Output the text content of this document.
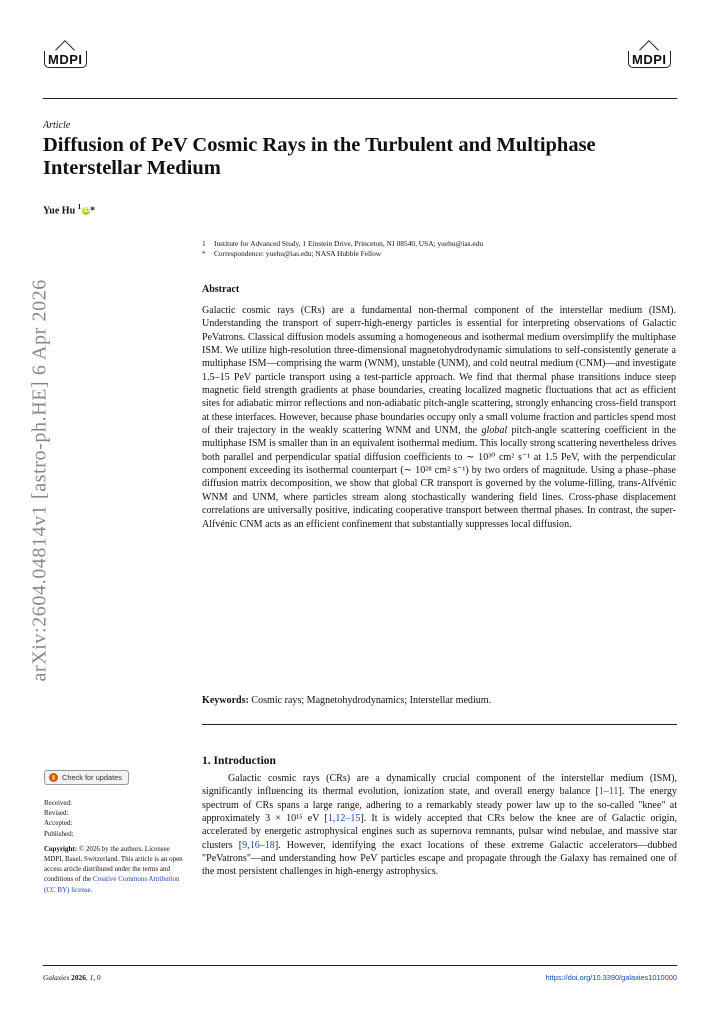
MDPI	MDPI
Article
Diffusion of PeV Cosmic Rays in the Turbulent and Multiphase Interstellar Medium
Yue Hu $^1$iD*
1 Institute for Advanced Study, 1 Einstein Drive, Princeton, NJ 08540, USA; yuehu@ias.edu
* Correspondence: yuehu@ias.edu; NASA Hubble Fellow
Abstract

Galactic cosmic rays (CRs) are a fundamental non-thermal component of the interstellar medium (ISM). Understanding the transport of superr-high-energy particles is essential for interpreting observations of Galactic PeVatrons. Classical diffusion models assuming a homogeneous and isothermal medium oversimplify the multiphase ISM. We utilize high-resolution three-dimensional magnetohydrodynamic simulations to self-consistently generate a multiphase ISM—comprising the warm (WNM), unstable (UNM), and cold neutral medium (CNM)—and investigate 1.5–15 PeV particle transport using a test-particle approach. We find that thermal phase transitions induce steep magnetic field strength gradients at phase boundaries, creating localized magnetic fluctuations that act as efficient sites for adiabatic mirror reflections and non-adiabatic pitch-angle scattering, strongly enhancing cross-field transport at these interfaces. However, because phase boundaries occupy only a small volume fraction and particles spend most of their trajectory in the weakly scattering WNM and UNM, the global pitch-angle scattering coefficient in the multiphase ISM is smaller than in an equivalent isothermal medium. This locally strong scattering nevertheless drives both parallel and perpendicular spatial diffusion coefficients to ∼ 10³⁰ cm² s⁻¹ at 1.5 PeV, with the perpendicular component exceeding its isothermal counterpart (∼ 10²⁸ cm² s⁻¹) by two orders of magnitude. Using a phase–phase diffusion matrix decomposition, we show that global CR transport is governed by the volume-filling, trans-Alfvénic WNM and UNM, where particles stream along stochastically wandering field lines. Cross-phase displacement correlations are universally positive, indicating cooperative transport between thermal phases. In contrast, the super-Alfvénic CNM acts as an efficient confinement that substantially suppresses local diffusion.

Keywords: Cosmic rays; Magnetohydrodynamics; Interstellar medium.
1. Introduction
Galactic cosmic rays (CRs) are a dynamically crucial component of the interstellar medium (ISM), significantly influencing its thermal evolution, ionization state, and overall energy balance [1–11]. The energy spectrum of CRs spans a large range, adhering to a remarkably steady power law up to the so-called "knee" at approximately 3 × 10¹⁵ eV [1,12–15]. It is widely accepted that CRs below the knee are of Galactic origin, accelerated by energetic astrophysical engines such as supernova remnants, pulsar wind nebulae, and massive star clusters [9,16–18]. However, identifying the exact locations of these extreme Galactic accelerators—dubbed "PeVatrons"—and understanding how PeV particles escape and propagate through the Galaxy has remained one of the most persistent challenges in high-energy astrophysics.
arXiv:2604.04814v1 [astro-ph.HE] 6 Apr 2026
Check for updates
Received:
Revised:
Accepted:
Published:
Copyright: © 2026 by the authors. Licensee MDPI, Basel, Switzerland. This article is an open access article distributed under the terms and conditions of the Creative Commons Attribution (CC BY) license.
Galaxies 2026, 1, 0	https://doi.org/10.3390/galaxies1010000
